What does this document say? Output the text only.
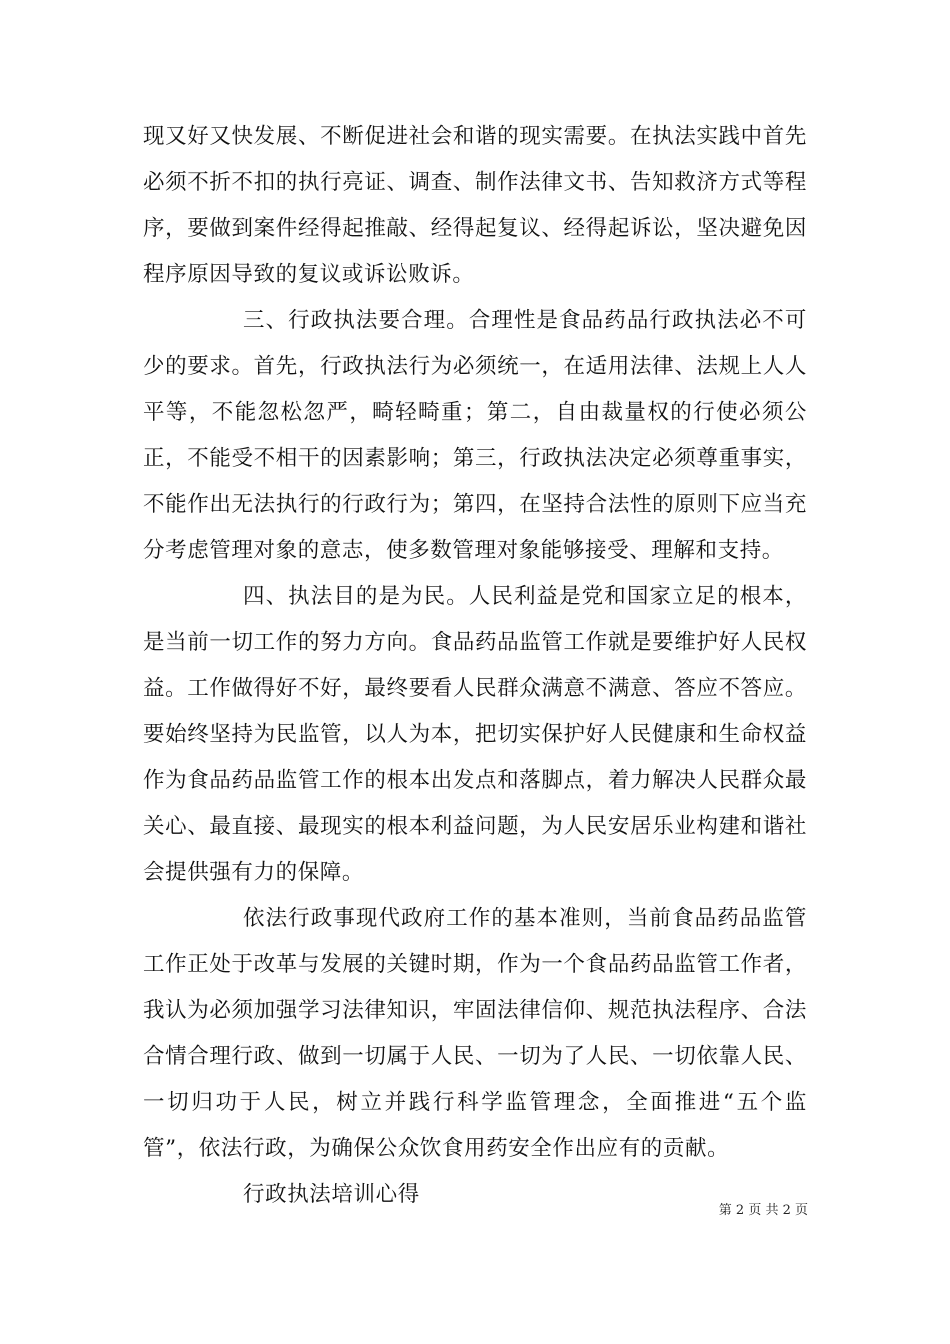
现又好又快发展、不断促进社会和谐的现实需要。在执法实践中首先必须不折不扣的执行亮证、调查、制作法律文书、告知救济方式等程序，要做到案件经得起推敲、经得起复议、经得起诉讼，坚决避免因程序原因导致的复议或诉讼败诉。

三、行政执法要合理。合理性是食品药品行政执法必不可少的要求。首先，行政执法行为必须统一，在适用法律、法规上人人平等，不能忽松忽严，畸轻畸重；第二，自由裁量权的行使必须公正，不能受不相干的因素影响；第三，行政执法决定必须尊重事实，不能作出无法执行的行政行为；第四，在坚持合法性的原则下应当充分考虑管理对象的意志，使多数管理对象能够接受、理解和支持。

四、执法目的是为民。人民利益是党和国家立足的根本，是当前一切工作的努力方向。食品药品监管工作就是要维护好人民权益。工作做得好不好，最终要看人民群众满意不满意、答应不答应。要始终坚持为民监管，以人为本，把切实保护好人民健康和生命权益作为食品药品监管工作的根本出发点和落脚点，着力解决人民群众最关心、最直接、最现实的根本利益问题，为人民安居乐业构建和谐社会提供强有力的保障。

依法行政事现代政府工作的基本准则，当前食品药品监管工作正处于改革与发展的关键时期，作为一个食品药品监管工作者，我认为必须加强学习法律知识，牢固法律信仰、规范执法程序、合法合情合理行政、做到一切属于人民、一切为了人民、一切依靠人民、一切归功于人民，树立并践行科学监管理念，全面推进“五个监管”，依法行政，为确保公众饮食用药安全作出应有的贡献。

行政执法培训心得

第 2 页 共 2 页
